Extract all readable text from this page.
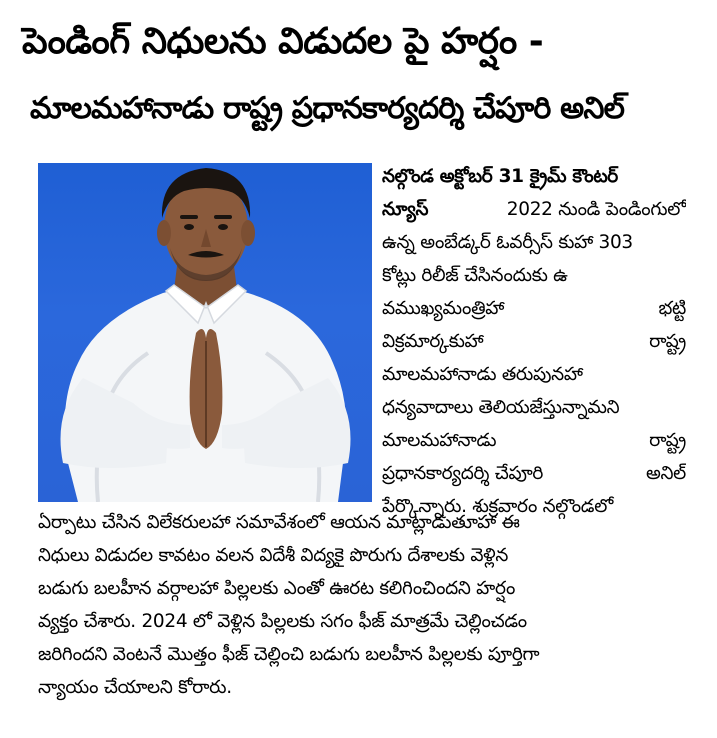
పెండింగ్ నిధులను విడుదల పై హర్షం -
మాలమహానాడు రాష్ట్ర ప్రధానకార్యదర్శి చేపూరి అనిల్
నల్గొండ అక్టోబర్ 31 క్రైమ్ కౌంటర్
న్యూస్	2022 నుండి పెండింగులో
ఉన్న అంబేడ్కర్ ఓవర్సీస్ కుహా 303
కోట్లు రిలీజ్ చేసినందుకు ఉ
వముఖ్యమంత్రిహా	భట్టి
విక్రమార్కకుహా	రాష్ట్ర
మాలమహానాడు తరుపునహా
ధన్యవాదాలు తెలియజేస్తున్నామని
మాలమహానాడు	రాష్ట్ర
ప్రధానకార్యదర్శి చేపూరి	అనిల్
పేర్కొన్నారు. శుక్రవారం నల్గొండలో
ఏర్పాటు చేసిన విలేకరులహా సమావేశంలో ఆయన మాట్లాడుతూహా ఈ
నిధులు విడుదల కావటం వలన విదేశీ విద్యకై పొరుగు దేశాలకు వెళ్లిన
బడుగు బలహీన వర్గాలహా పిల్లలకు ఎంతో ఊరట కలిగించిందని హర్షం
వ్యక్తం చేశారు. 2024 లో వెళ్లిన పిల్లలకు సగం ఫీజ్ మాత్రమే చెల్లించడం
జరిగిందని వెంటనే మొత్తం ఫీజ్ చెల్లించి బడుగు బలహీన పిల్లలకు పూర్తిగా
న్యాయం చేయాలని కోరారు.
